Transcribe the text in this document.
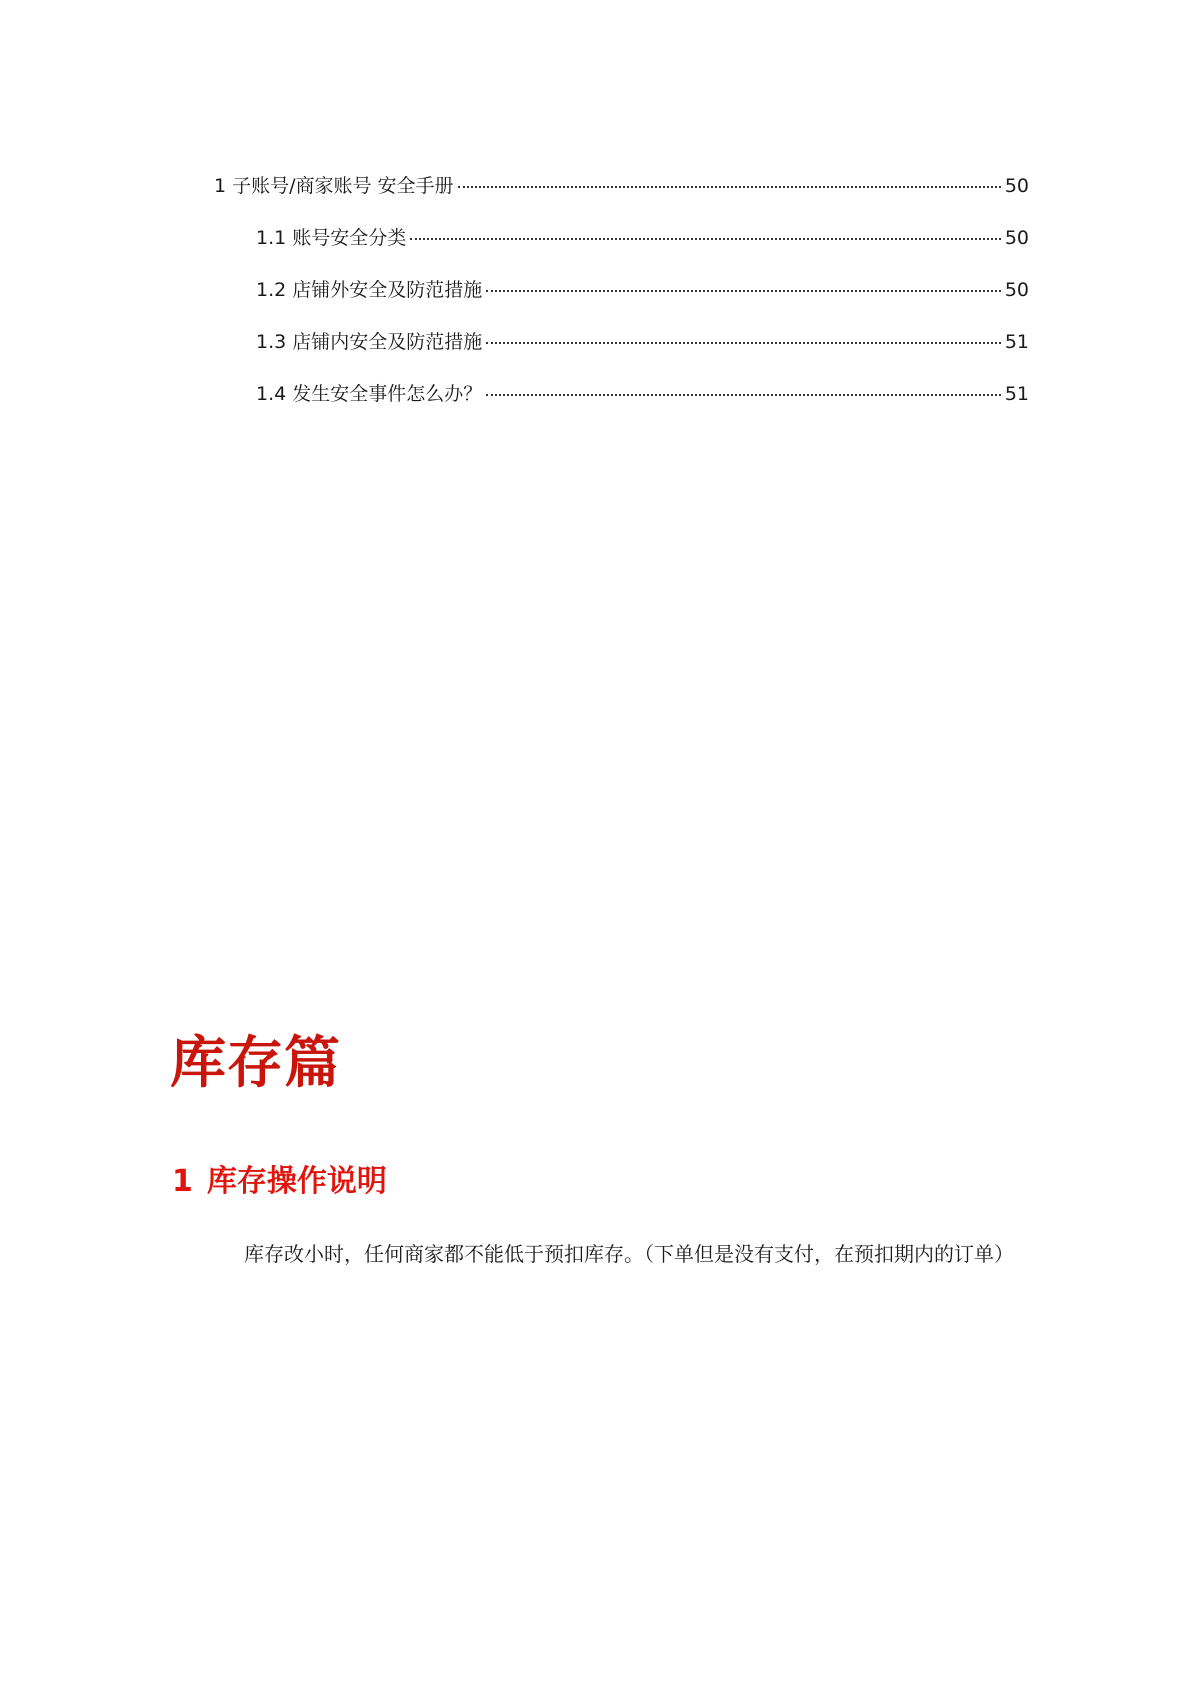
1 子账号/商家账号 安全手册	50
1.1 账号安全分类	50
1.2 店铺外安全及防范措施	50
1.3 店铺内安全及防范措施	51
1.4 发生安全事件怎么办？	51
库存篇
1 库存操作说明

库存改小时，任何商家都不能低于预扣库存。（下单但是没有支付，在预扣期内的订单）
